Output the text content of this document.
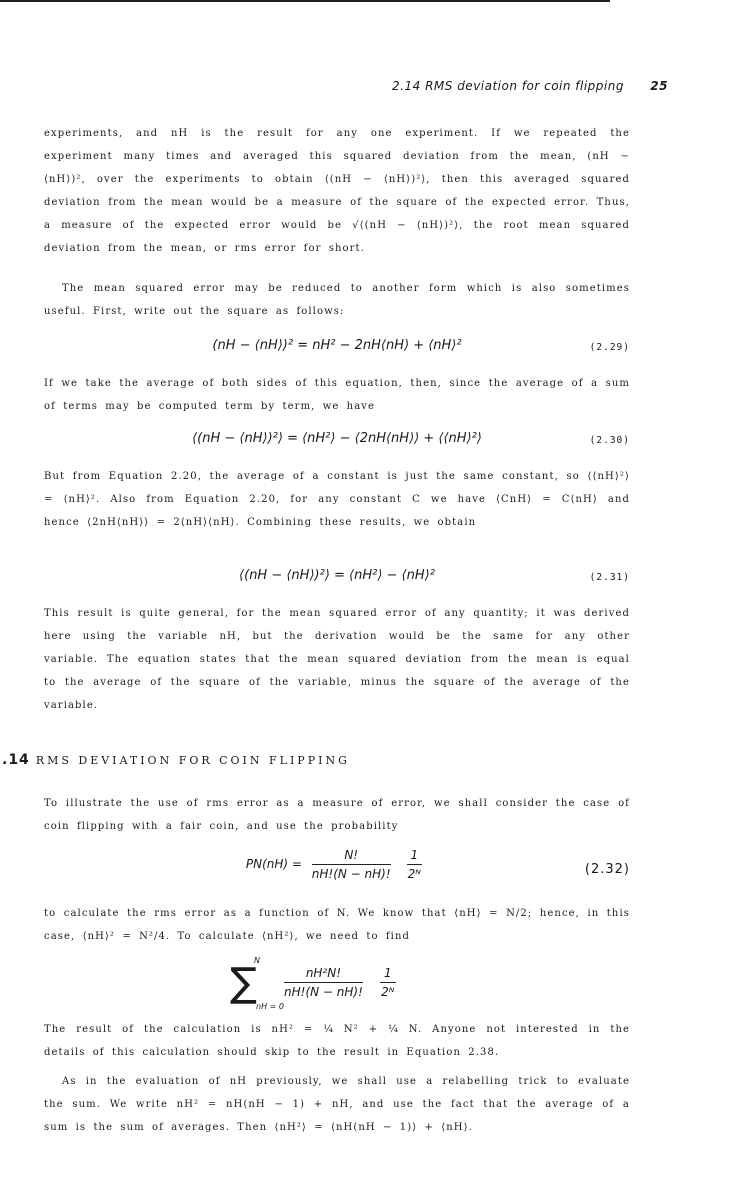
2.14 RMS deviation for coin flipping 25
experiments, and nH is the result for any one experiment. If we repeated the experiment many times and averaged this squared deviation from the mean, (nH − ⟨nH⟩)², over the experiments to obtain ⟨(nH − ⟨nH⟩)²⟩, then this averaged squared deviation from the mean would be a measure of the square of the expected error. Thus, a measure of the expected error would be √⟨(nH − ⟨nH⟩)²⟩, the root mean squared deviation from the mean, or rms error for short.
The mean squared error may be reduced to another form which is also sometimes useful. First, write out the square as follows:
(nH − ⟨nH⟩)² = nH² − 2nH⟨nH⟩ + ⟨nH⟩²	(2.29)
If we take the average of both sides of this equation, then, since the average of a sum of terms may be computed term by term, we have
⟨(nH − ⟨nH⟩)²⟩ = ⟨nH²⟩ − ⟨2nH⟨nH⟩⟩ + ⟨⟨nH⟩²⟩	(2.30)
But from Equation 2.20, the average of a constant is just the same constant, so ⟨⟨nH⟩²⟩ = ⟨nH⟩². Also from Equation 2.20, for any constant C we have ⟨CnH⟩ = C⟨nH⟩ and hence ⟨2nH⟨nH⟩⟩ = 2⟨nH⟩⟨nH⟩. Combining these results, we obtain
⟨(nH − ⟨nH⟩)²⟩ = ⟨nH²⟩ − ⟨nH⟩²	(2.31)
This result is quite general, for the mean squared error of any quantity; it was derived here using the variable nH, but the derivation would be the same for any other variable. The equation states that the mean squared deviation from the mean is equal to the average of the square of the variable, minus the square of the average of the variable.
.14 RMS DEVIATION FOR COIN FLIPPING
To illustrate the use of rms error as a measure of error, we shall consider the case of coin flipping with a fair coin, and use the probability
$PN(nH) = \frac{N!}{nH!(N - nH)!}$
$\frac{1}{\text{2ᴺ}}$	(2.32)
to calculate the rms error as a function of N. We know that ⟨nH⟩ = N/2; hence, in this case, ⟨nH⟩² = N²/4. To calculate ⟨nH²⟩, we need to find
N
∑
nH = 0
$\frac{\text{nH²N!}}{nH!(N - nH)!}$
$\frac{1}{\text{2ᴺ}}$
The result of the calculation is nH² = ¼ N² + ¼ N. Anyone not interested in the details of this calculation should skip to the result in Equation 2.38.
As in the evaluation of nH previously, we shall use a relabelling trick to evaluate the sum. We write nH² = nH(nH − 1) + nH, and use the fact that the average of a sum is the sum of averages. Then ⟨nH²⟩ = ⟨nH(nH − 1)⟩ + ⟨nH⟩.
